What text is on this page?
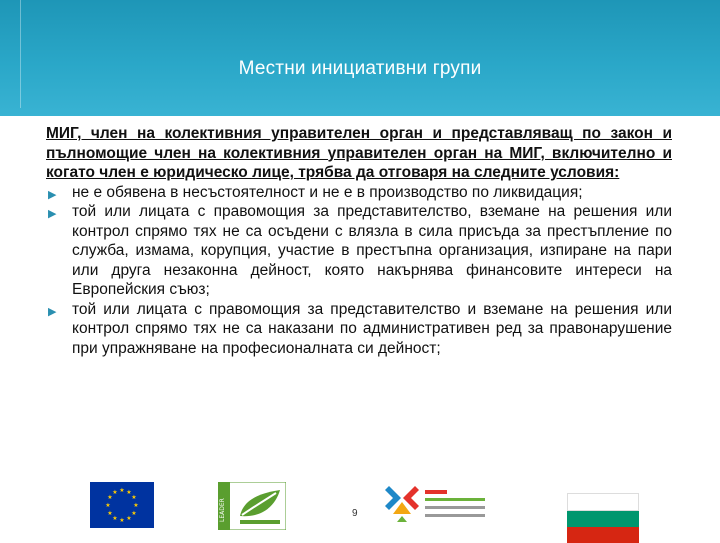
Местни инициативни групи

МИГ, член на колективния управителен орган и представляващ по закон и пълномощие член на колективния управителен орган на МИГ, включително и когато член е юридическо лице, трябва да отговаря на следните условия:

▶ не е обявена в несъстоятелност и не е в производство по ликвидация;
▶ той или лицата с правомощия за представителство, вземане на решения или контрол спрямо тях не са осъдени с влязла в сила присъда за престъпление по служба, измама, корупция, участие в престъпна организация, изпиране на пари или друга незаконна дейност, която накърнява финансовите интереси на Европейския съюз;
▶ той или лицата с правомощия за представителство и вземане на решения или контрол спрямо тях не са наказани по административен ред за правонарушение при упражняване на професионалната си дейност;
★ ★
★
★
★
★
★
★
★
★
★
★
LEADER	9
